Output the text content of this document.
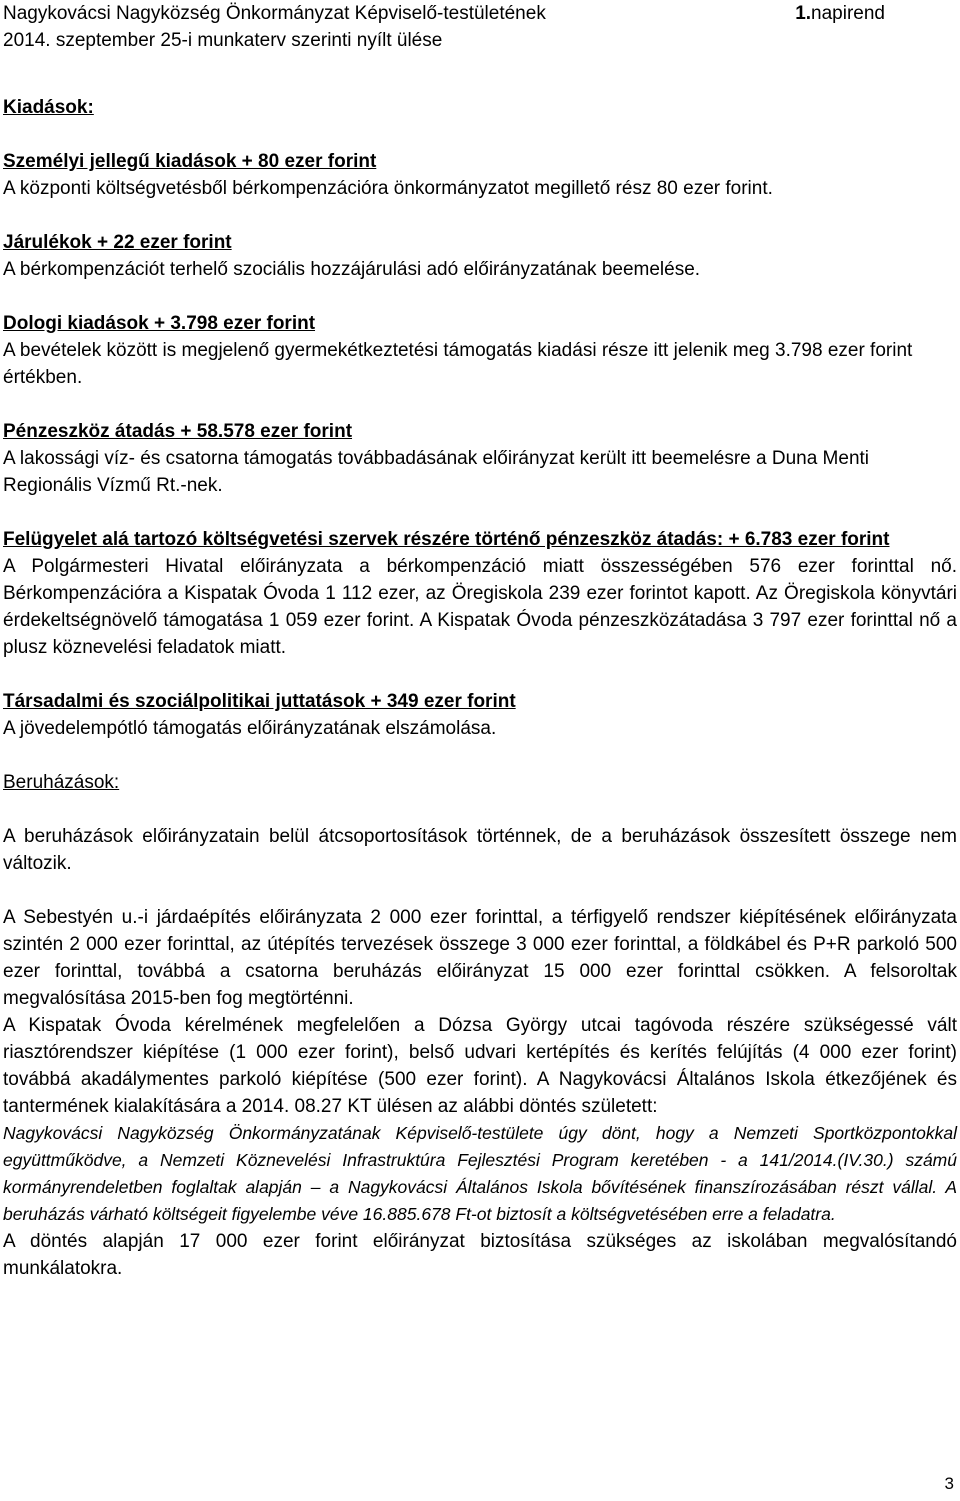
Nagykovácsi Nagyközség Önkormányzat Képviselő-testületének
2014. szeptember 25-i munkaterv szerinti nyílt ülése
1.napirend

Kiadások:

Személyi jellegű kiadások + 80 ezer forint

A központi költségvetésből bérkompenzációra önkormányzatot megillető rész 80 ezer forint.

Járulékok + 22 ezer forint

A bérkompenzációt terhelő szociális hozzájárulási adó előirányzatának beemelése.

Dologi kiadások + 3.798 ezer forint

A bevételek között is megjelenő gyermekétkeztetési támogatás kiadási része itt jelenik meg 3.798 ezer forint értékben.

Pénzeszköz átadás + 58.578 ezer forint

A lakossági víz- és csatorna támogatás továbbadásának előirányzat került itt beemelésre a Duna Menti Regionális Vízmű Rt.-nek.

Felügyelet alá tartozó költségvetési szervek részére történő pénzeszköz átadás: + 6.783 ezer forint

A Polgármesteri Hivatal előirányzata a bérkompenzáció miatt összességében 576 ezer forinttal nő. Bérkompenzációra a Kispatak Óvoda 1 112 ezer, az Öregiskola 239 ezer forintot kapott. Az Öregiskola könyvtári érdekeltségnövelő támogatása 1 059 ezer forint. A Kispatak Óvoda pénzeszközátadása 3 797 ezer forinttal nő a plusz köznevelési feladatok miatt.

Társadalmi és szociálpolitikai juttatások + 349 ezer forint

A jövedelempótló támogatás előirányzatának elszámolása.

Beruházások:

A beruházások előirányzatain belül átcsoportosítások történnek, de a beruházások összesített összege nem változik.

A Sebestyén u.-i járdaépítés előirányzata 2 000 ezer forinttal, a térfigyelő rendszer kiépítésének előirányzata szintén 2 000 ezer forinttal, az útépítés tervezések összege 3 000 ezer forinttal, a földkábel és P+R parkoló 500 ezer forinttal, továbbá a csatorna beruházás előirányzat 15 000 ezer forinttal csökken. A felsoroltak megvalósítása 2015-ben fog megtörténni.

A Kispatak Óvoda kérelmének megfelelően a Dózsa György utcai tagóvoda részére szükségessé vált riasztórendszer kiépítése (1 000 ezer forint), belső udvari kertépítés és kerítés felújítás (4 000 ezer forint) továbbá akadálymentes parkoló kiépítése (500 ezer forint). A Nagykovácsi Általános Iskola étkezőjének és tantermének kialakítására a 2014. 08.27 KT ülésen az alábbi döntés született:

Nagykovácsi Nagyközség Önkormányzatának Képviselő-testülete úgy dönt, hogy a Nemzeti Sportközpontokkal együttműködve, a Nemzeti Köznevelési Infrastruktúra Fejlesztési Program keretében - a 141/2014.(IV.30.) számú kormányrendeletben foglaltak alapján – a Nagykovácsi Általános Iskola bővítésének finanszírozásában részt vállal. A beruházás várható költségeit figyelembe véve 16.885.678 Ft-ot biztosít a költségvetésében erre a feladatra.

A döntés alapján 17 000 ezer forint előirányzat biztosítása szükséges az iskolában megvalósítandó munkálatokra.

3
